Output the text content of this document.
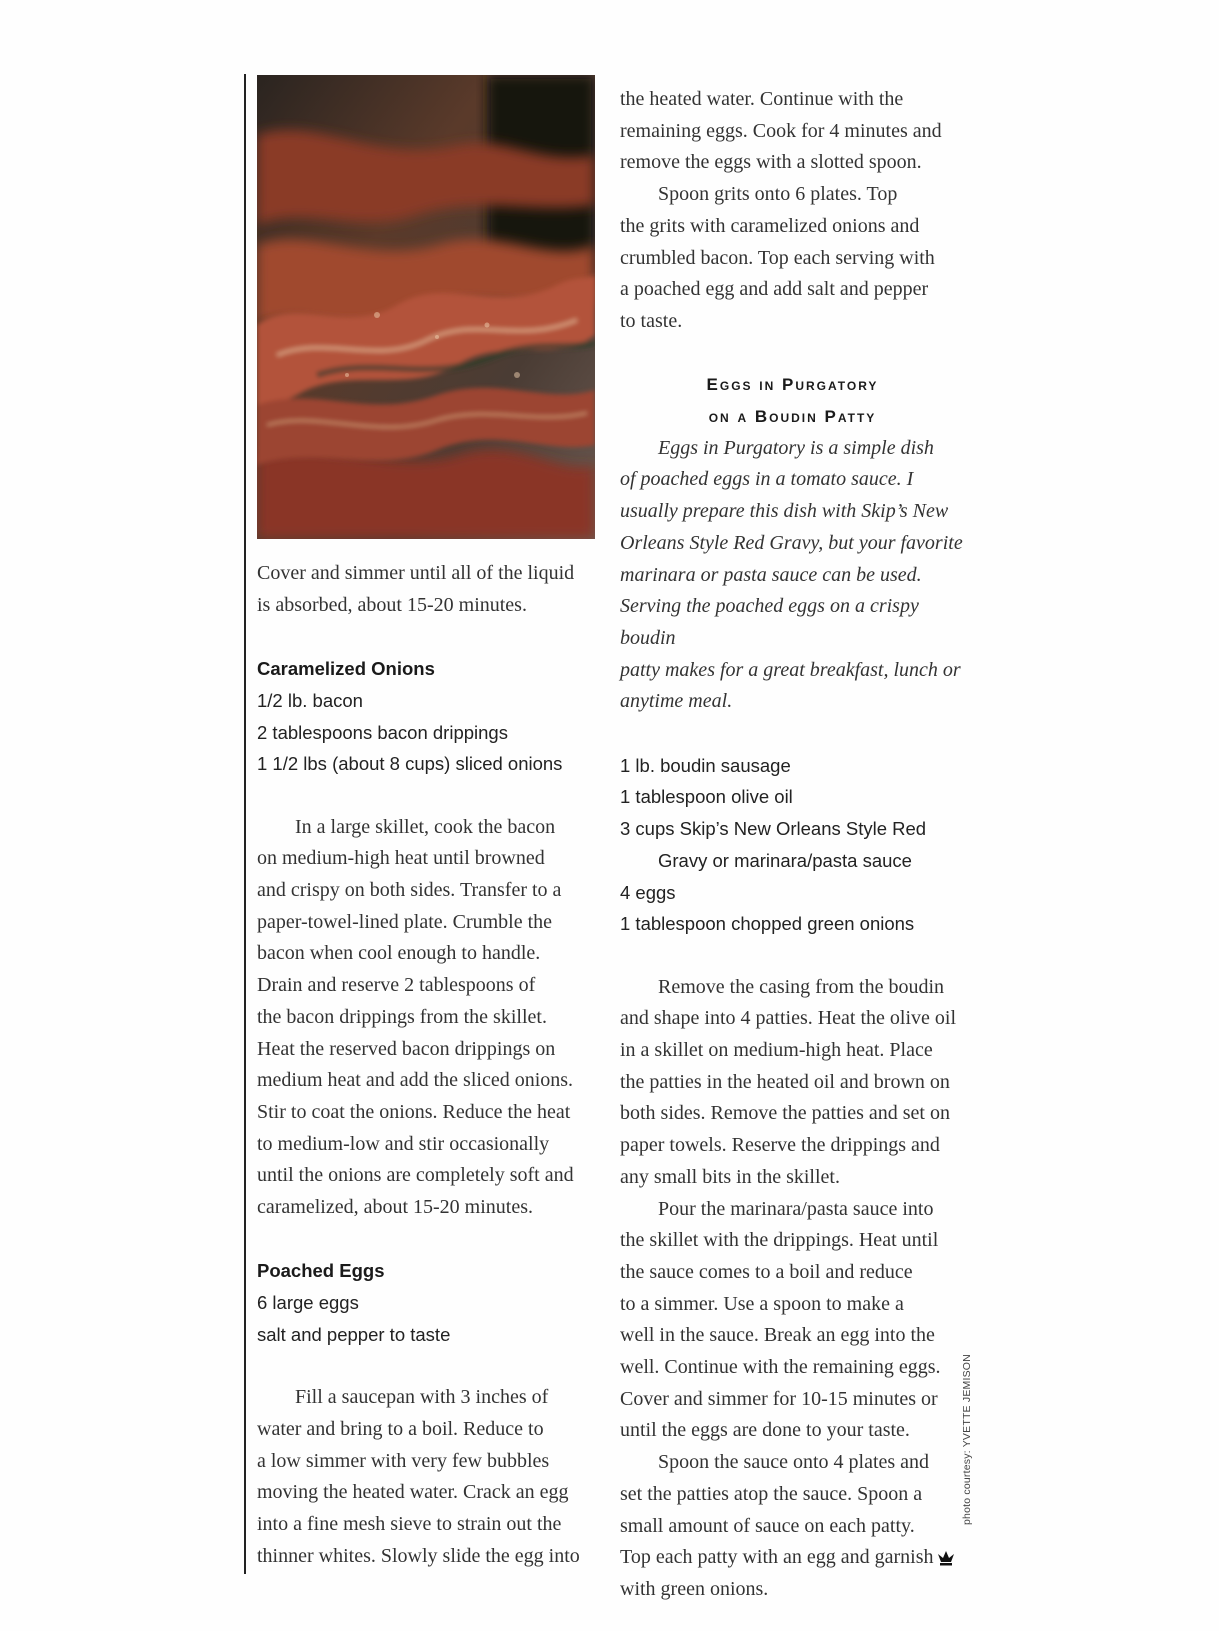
Cover and simmer until all of the liquid

is absorbed, about 15-20 minutes.

Caramelized Onions

1/2 lb. bacon

2 tablespoons bacon drippings

1 1/2 lbs (about 8 cups) sliced onions

In a large skillet, cook the bacon

on medium-high heat until browned

and crispy on both sides. Transfer to a

paper-towel-lined plate. Crumble the

bacon when cool enough to handle.

Drain and reserve 2 tablespoons of

the bacon drippings from the skillet.

Heat the reserved bacon drippings on

medium heat and add the sliced onions.

Stir to coat the onions. Reduce the heat

to medium-low and stir occasionally

until the onions are completely soft and

caramelized, about 15-20 minutes.

Poached Eggs

6 large eggs

salt and pepper to taste

Fill a saucepan with 3 inches of

water and bring to a boil. Reduce to

a low simmer with very few bubbles

moving the heated water. Crack an egg

into a fine mesh sieve to strain out the

thinner whites. Slowly slide the egg into

the heated water. Continue with the

remaining eggs. Cook for 4 minutes and

remove the eggs with a slotted spoon.

Spoon grits onto 6 plates. Top

the grits with caramelized onions and

crumbled bacon. Top each serving with

a poached egg and add salt and pepper

to taste.

Eggs in Purgatory

on a Boudin Patty

Eggs in Purgatory is a simple dish

of poached eggs in a tomato sauce. I

usually prepare this dish with Skip’s New

Orleans Style Red Gravy, but your favorite

marinara or pasta sauce can be used.

Serving the poached eggs on a crispy boudin

patty makes for a great breakfast, lunch or

anytime meal.

1 lb. boudin sausage

1 tablespoon olive oil

3 cups Skip’s New Orleans Style Red

Gravy or marinara/pasta sauce

4 eggs

1 tablespoon chopped green onions

Remove the casing from the boudin

and shape into 4 patties. Heat the olive oil

in a skillet on medium-high heat. Place

the patties in the heated oil and brown on

both sides. Remove the patties and set on

paper towels. Reserve the drippings and

any small bits in the skillet.

Pour the marinara/pasta sauce into

the skillet with the drippings. Heat until

the sauce comes to a boil and reduce

to a simmer. Use a spoon to make a

well in the sauce. Break an egg into the

well. Continue with the remaining eggs.

Cover and simmer for 10-15 minutes or

until the eggs are done to your taste.

Spoon the sauce onto 4 plates and

set the patties atop the sauce. Spoon a

small amount of sauce on each patty.

Top each patty with an egg and garnish

with green onions.

photo courtesy: YVETTE JEMISON
